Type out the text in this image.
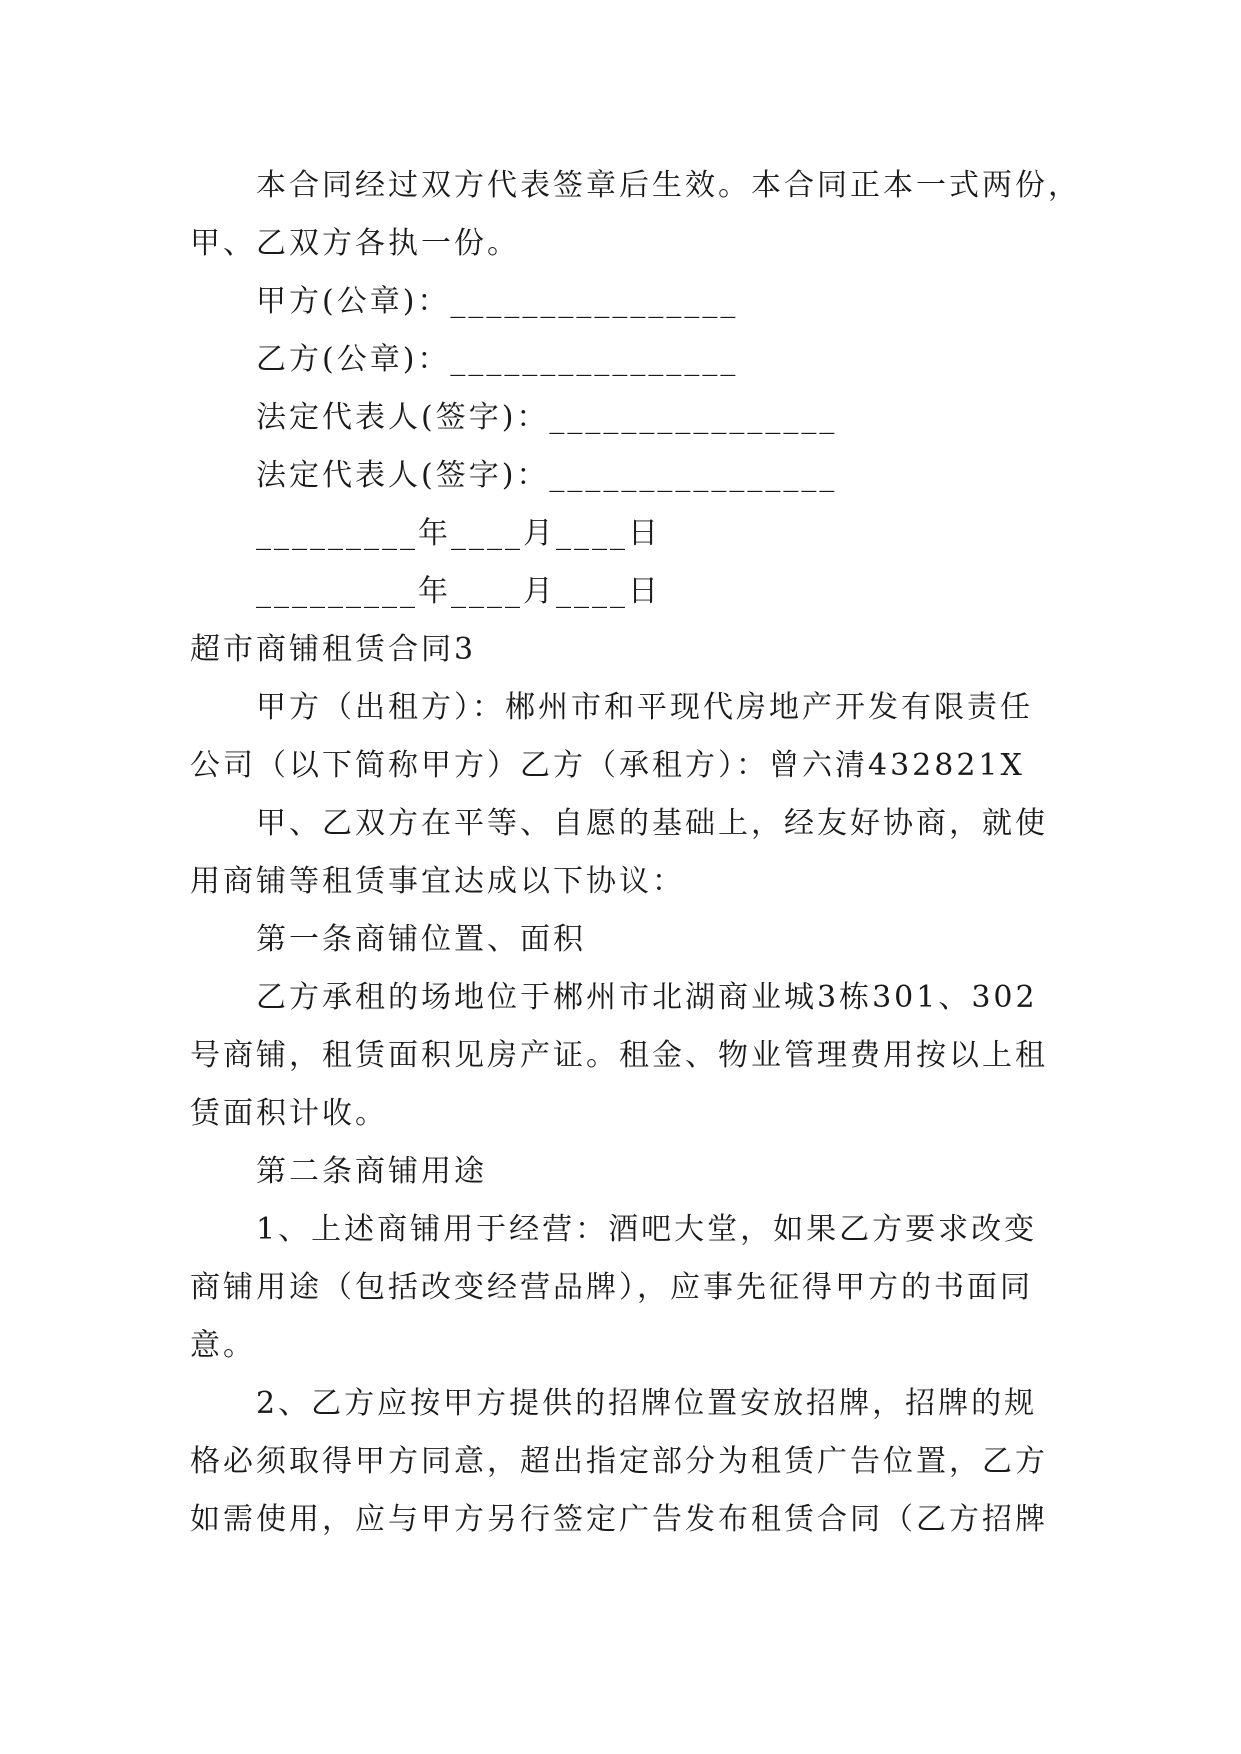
本合同经过双方代表签章后生效。本合同正本一式两份，
甲、乙双方各执一份。
甲方(公章)：________________
乙方(公章)：________________
法定代表人(签字)：________________
法定代表人(签字)：________________
_________年____月____日
_________年____月____日
超市商铺租赁合同3
甲方（出租方）：郴州市和平现代房地产开发有限责任
公司（以下简称甲方）乙方（承租方）：曾六清432821X
甲、乙双方在平等、自愿的基础上，经友好协商，就使
用商铺等租赁事宜达成以下协议：
第一条商铺位置、面积
乙方承租的场地位于郴州市北湖商业城3栋301、302
号商铺，租赁面积见房产证。租金、物业管理费用按以上租
赁面积计收。
第二条商铺用途
1、上述商铺用于经营：酒吧大堂，如果乙方要求改变
商铺用途（包括改变经营品牌），应事先征得甲方的书面同
意。
2、乙方应按甲方提供的招牌位置安放招牌，招牌的规
格必须取得甲方同意，超出指定部分为租赁广告位置，乙方
如需使用，应与甲方另行签定广告发布租赁合同（乙方招牌
